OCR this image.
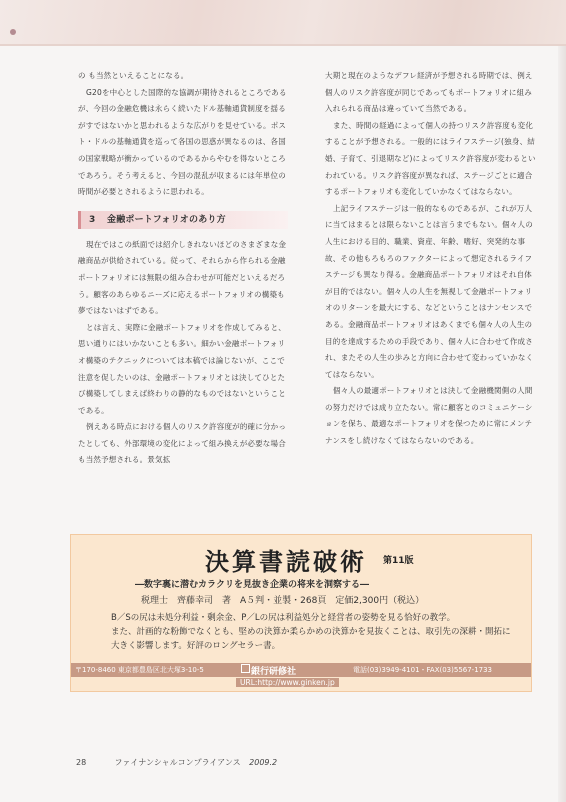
の も当然といえることになる。

G20を中心とした国際的な協調が期待されるところであるが、今回の金融危機は永らく続いたドル基軸通貨制度を揺るがすではないかと思われるような広がりを見せている。ポスト・ドルの基軸通貨を巡って各国の思惑が異なるのは、各国の国家戦略が衝かっているのであるからやむを得ないところであろう。そう考えると、今回の混乱が収まるには年単位の時間が必要とされるように思われる。

3 金融ポートフォリオのあり方

現在ではこの紙面では紹介しきれないほどのさまざまな金融商品が供給されている。従って、それらから作られる金融ポートフォリオには無限の組み合わせが可能だといえるだろう。顧客のあらゆるニーズに応えるポートフォリオの構築も夢ではないはずである。

とは言え、実際に金融ポートフォリオを作成してみると、思い通りにはいかないことも多い。細かい金融ポートフォリオ構築のテクニックについては本稿では論じないが、ここで注意を促したいのは、金融ポートフォリオとは決してひとたび構築してしまえば終わりの静的なものではないということである。

例えある時点における個人のリスク許容度が的確に分かったとしても、外部環境の変化によって組み換えが必要な場合も当然予想される。景気拡

大期と現在のようなデフレ経済が予想される時期では、例え個人のリスク許容度が同じであってもポートフォリオに組み入れられる商品は違っていて当然である。

また、時間の経過によって個人の持つリスク許容度も変化することが予想される。一般的にはライフステージ(独身、結婚、子育て、引退期など)によってリスク許容度が変わるといわれている。リスク許容度が異なれば、ステージごとに適合するポートフォリオも変化していかなくてはならない。

上記ライフステージは一般的なものであるが、これが万人に当てはまるとは限らないことは言うまでもない。個々人の人生における目的、職業、資産、年齢、嗜好、突発的な事故、その他もろもろのファクターによって想定されるライフステージも異なり得る。金融商品ポートフォリオはそれ自体が目的ではない。個々人の人生を無視して金融ポートフォリオのリターンを最大にする、などということはナンセンスである。金融商品ポートフォリオはあくまでも個々人の人生の目的を達成するための手段であり、個々人に合わせて作成され、またその人生の歩みと方向に合わせて変わっていかなくてはならない。

個々人の最適ポートフォリオとは決して金融機関側の人間の努力だけでは成り立たない。常に顧客とのコミュニケーションを保ち、最適なポートフォリオを保つために常にメンテナンスをし続けなくてはならないのである。

決算書読破術 第11版
―数字裏に潜むカラクリを見抜き企業の将来を洞察する―
税理士　齊藤幸司　著　A５判・並製・268頁　定価2,300円（税込）
B／Sの尻は未処分利益・剰余金、P／Lの尻は利益処分と経営者の姿勢を見る恰好の教学。
また、計画的な粉飾でなくとも、堅めの決算か柔らかめの決算かを見抜くことは、取引先の深耕・開拓に大きく影響します。好評のロングセラー書。
〒170-8460 東京都豊島区北大塚3-10-5	銀行研修社	電話(03)3949-4101・FAX(03)5567-1733
URL:http://www.ginken.jp
28	ファイナンシャルコンプライアンス 2009.2
